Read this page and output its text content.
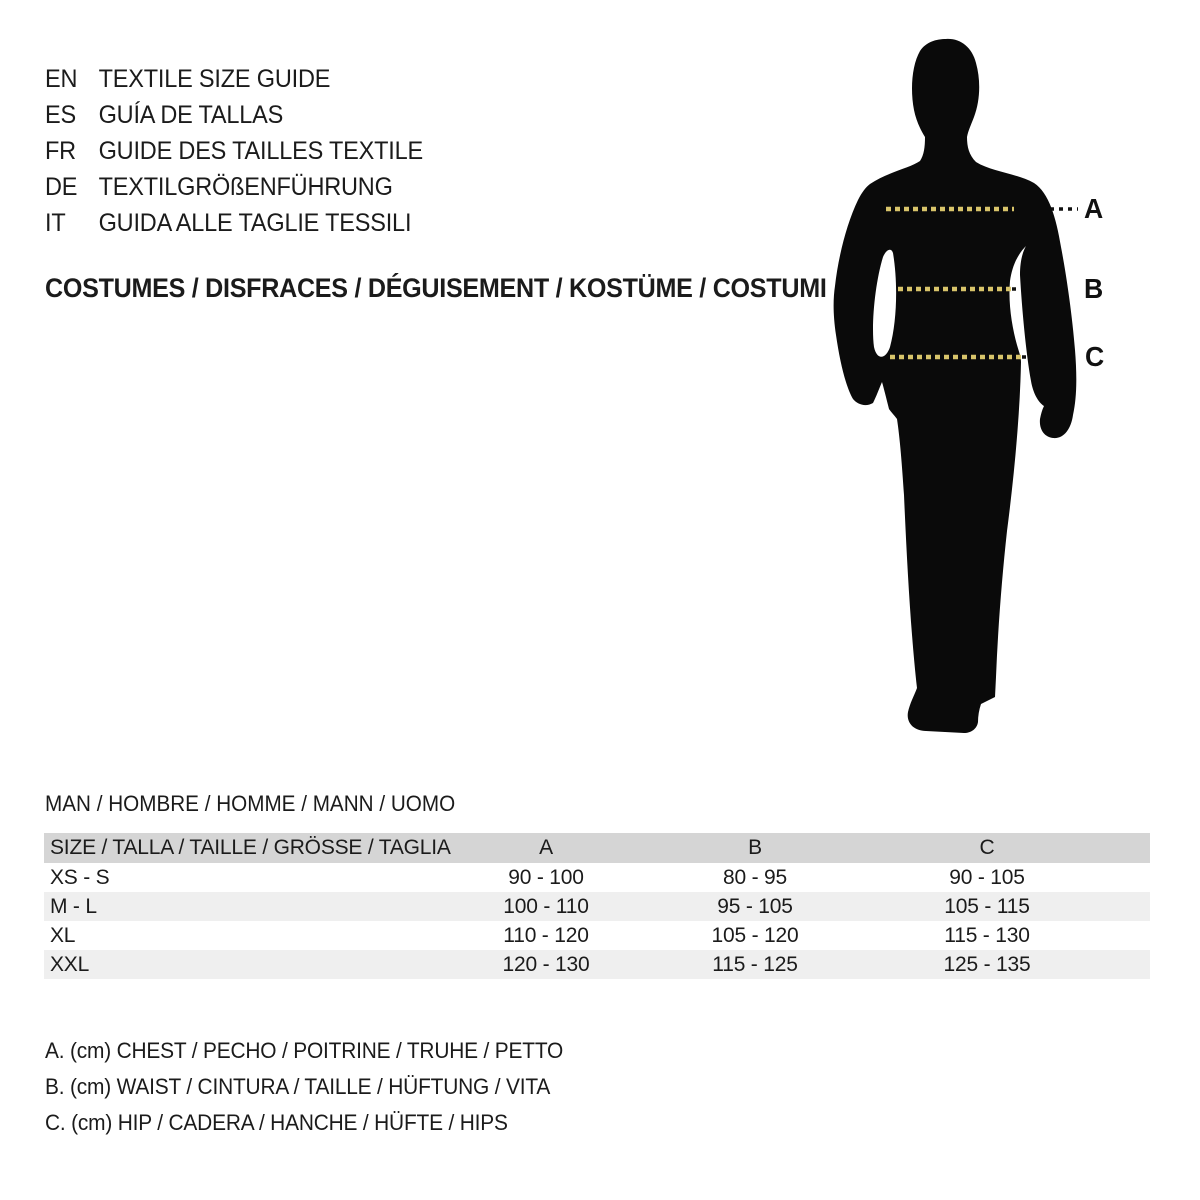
EN TEXTILE SIZE GUIDE
ES GUÍA DE TALLAS
FR GUIDE DES TAILLES TEXTILE
DE TEXTILGRÖßENFÜHRUNG
IT	GUIDA ALLE TAGLIE TESSILI
COSTUMES / DISFRACES / DÉGUISEMENT / KOSTÜME / COSTUMI
A
B
C
MAN / HOMBRE / HOMME / MANN / UOMO
SIZE / TALLA / TAILLE / GRÖSSE / TAGLIA	A	B	C
XS - S	90 - 100	80 - 95	90 - 105
M - L	100 - 110	95 - 105	105 - 115
XL	110 - 120	105 - 120	115 - 130
XXL	120 - 130	115 - 125	125 - 135
A. (cm) CHEST / PECHO / POITRINE / TRUHE / PETTO
B. (cm) WAIST / CINTURA / TAILLE / HÜFTUNG / VITA
C. (cm) HIP / CADERA / HANCHE / HÜFTE / HIPS
